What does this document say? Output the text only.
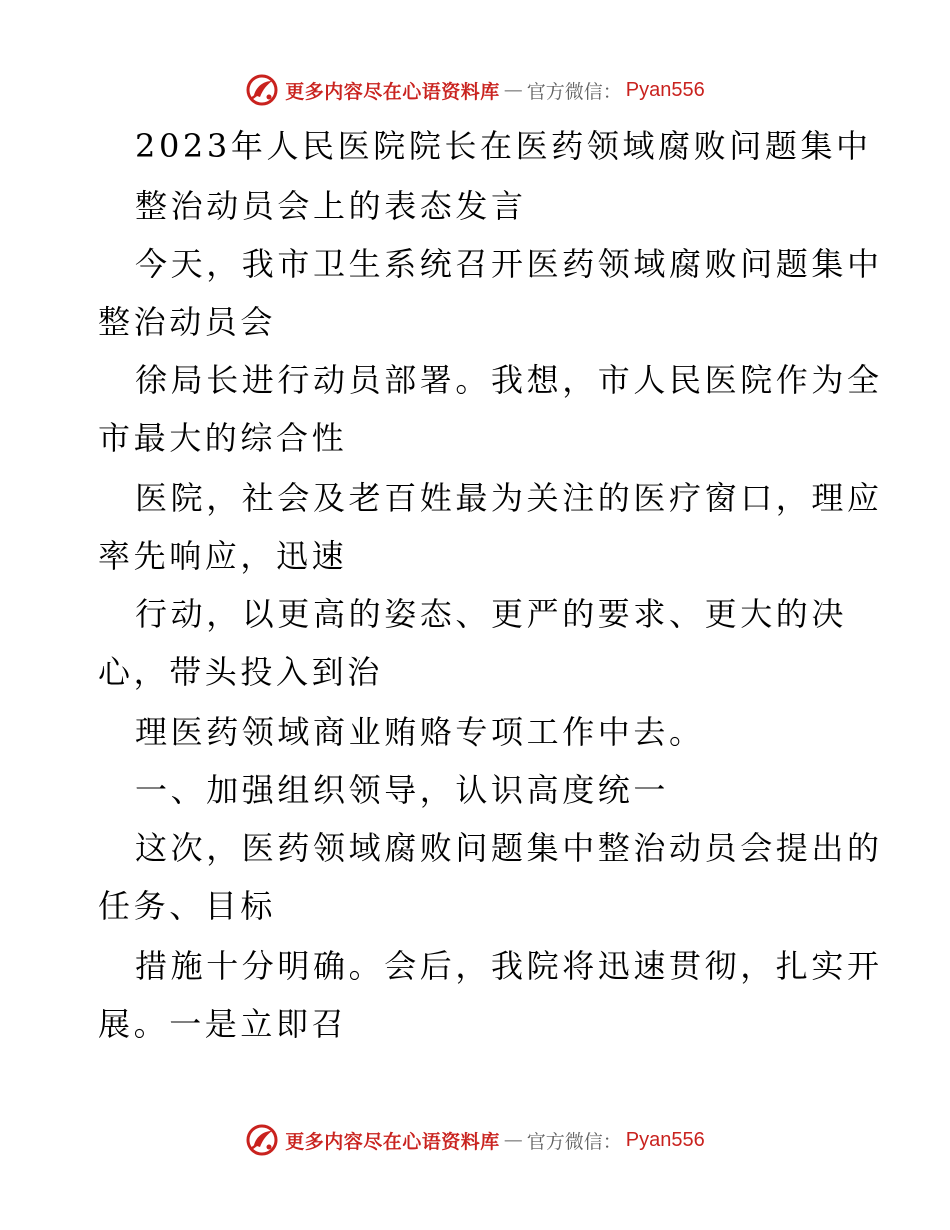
更多内容尽在心语资料库 — 官方微信： Pyan556
2023年人民医院院长在医药领域腐败问题集中
整治动员会上的表态发言
今天，我市卫生系统召开医药领域腐败问题集中
整治动员会
徐局长进行动员部署。我想，市人民医院作为全
市最大的综合性
医院，社会及老百姓最为关注的医疗窗口，理应
率先响应，迅速
行动，以更高的姿态、更严的要求、更大的决
心，带头投入到治
理医药领域商业贿赂专项工作中去。
一、加强组织领导，认识高度统一
这次，医药领域腐败问题集中整治动员会提出的
任务、目标
措施十分明确。会后，我院将迅速贯彻，扎实开
展。一是立即召
更多内容尽在心语资料库 — 官方微信： Pyan556
